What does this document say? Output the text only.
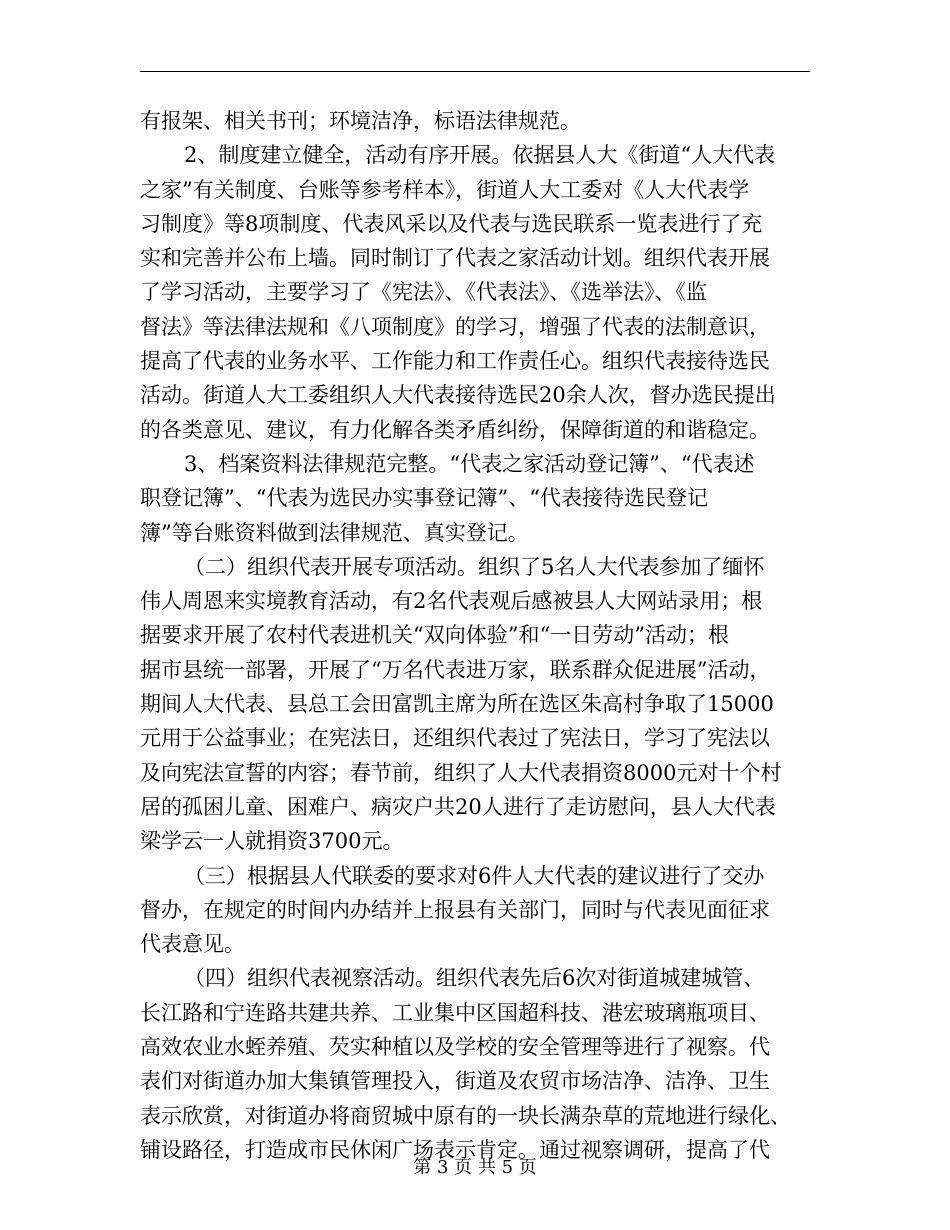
有报架、相关书刊；环境洁净，标语法律规范。
2、制度建立健全，活动有序开展。依据县人大《街道“人大代表
之家”有关制度、台账等参考样本》，街道人大工委对《人大代表学
习制度》等8项制度、代表风采以及代表与选民联系一览表进行了充
实和完善并公布上墙。同时制订了代表之家活动计划。组织代表开展
了学习活动，主要学习了《宪法》、《代表法》、《选举法》、《监
督法》等法律法规和《八项制度》的学习，增强了代表的法制意识，
提高了代表的业务水平、工作能力和工作责任心。组织代表接待选民
活动。街道人大工委组织人大代表接待选民20余人次，督办选民提出
的各类意见、建议，有力化解各类矛盾纠纷，保障街道的和谐稳定。
3、档案资料法律规范完整。“代表之家活动登记簿”、“代表述
职登记簿”、“代表为选民办实事登记簿”、“代表接待选民登记
簿”等台账资料做到法律规范、真实登记。
（二）组织代表开展专项活动。组织了5名人大代表参加了缅怀
伟人周恩来实境教育活动，有2名代表观后感被县人大网站录用；根
据要求开展了农村代表进机关“双向体验”和“一日劳动”活动；根
据市县统一部署，开展了“万名代表进万家，联系群众促进展”活动，
期间人大代表、县总工会田富凯主席为所在选区朱高村争取了15000
元用于公益事业；在宪法日，还组织代表过了宪法日，学习了宪法以
及向宪法宣誓的内容；春节前，组织了人大代表捐资8000元对十个村
居的孤困儿童、困难户、病灾户共20人进行了走访慰问，县人大代表
梁学云一人就捐资3700元。
（三）根据县人代联委的要求对6件人大代表的建议进行了交办
督办，在规定的时间内办结并上报县有关部门，同时与代表见面征求
代表意见。
（四）组织代表视察活动。组织代表先后6次对街道城建城管、
长江路和宁连路共建共养、工业集中区国超科技、港宏玻璃瓶项目、
高效农业水蛭养殖、芡实种植以及学校的安全管理等进行了视察。代
表们对街道办加大集镇管理投入，街道及农贸市场洁净、洁净、卫生
表示欣赏，对街道办将商贸城中原有的一块长满杂草的荒地进行绿化、
铺设路径，打造成市民休闲广场表示肯定。通过视察调研，提高了代
第 3 页 共 5 页
